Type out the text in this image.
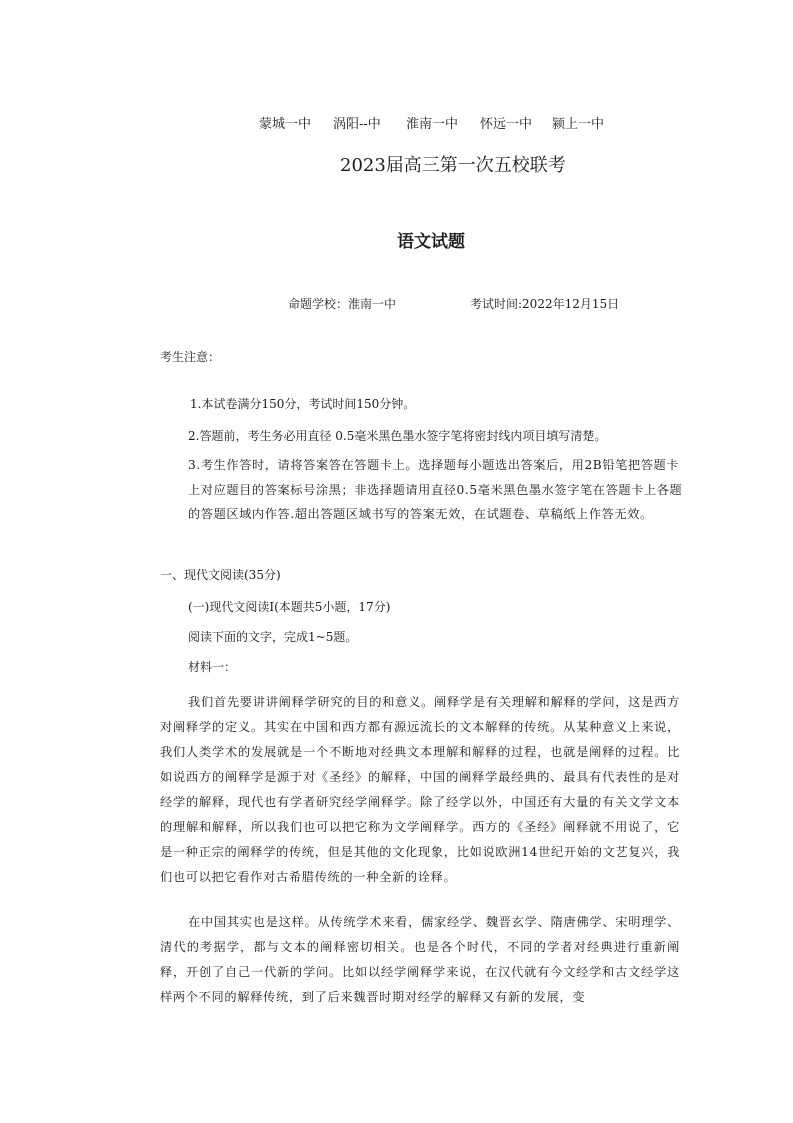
蒙城一中 涡阳--中 淮南一中 怀远一中 颍上一中
2023届高三第一次五校联考
语文试题
命题学校：淮南一中	考试时间:2022年12月15日
考生注意：
1.本试卷满分150分，考试时间150分钟。
2.答题前，考生务必用直径 0.5毫米黑色墨水签字笔将密封线内项目填写清楚。
3.考生作答时，请将答案答在答题卡上。选择题每小题选出答案后，用2B铅笔把答题卡上对应题目的答案标号涂黑；非选择题请用直径0.5毫米黑色墨水签字笔在答题卡上各题的答题区域内作答.超出答题区域书写的答案无效，在试题卷、草稿纸上作答无效。
一、现代文阅读(35分)
(一)现代文阅读Ⅰ(本题共5小题，17分)
阅读下面的文字，完成1~5题。
材料一：
我们首先要讲讲阐释学研究的目的和意义。阐释学是有关理解和解释的学问，这是西方对阐释学的定义。其实在中国和西方都有源远流长的文本解释的传统。从某种意义上来说，我们人类学术的发展就是一个不断地对经典文本理解和解释的过程，也就是阐释的过程。比如说西方的阐释学是源于对《圣经》的解释，中国的阐释学最经典的、最具有代表性的是对经学的解释，现代也有学者研究经学阐释学。除了经学以外，中国还有大量的有关文学文本的理解和解释，所以我们也可以把它称为文学阐释学。西方的《圣经》阐释就不用说了，它是一种正宗的阐释学的传统，但是其他的文化现象，比如说欧洲14世纪开始的文艺复兴，我们也可以把它看作对古希腊传统的一种全新的诠释。
在中国其实也是这样。从传统学术来看，儒家经学、魏晋玄学、隋唐佛学、宋明理学、清代的考据学，都与文本的阐释密切相关。也是各个时代，不同的学者对经典进行重新阐释，开创了自己一代新的学问。比如以经学阐释学来说，在汉代就有今文经学和古文经学这样两个不同的解释传统，到了后来魏晋时期对经学的解释又有新的发展，变
